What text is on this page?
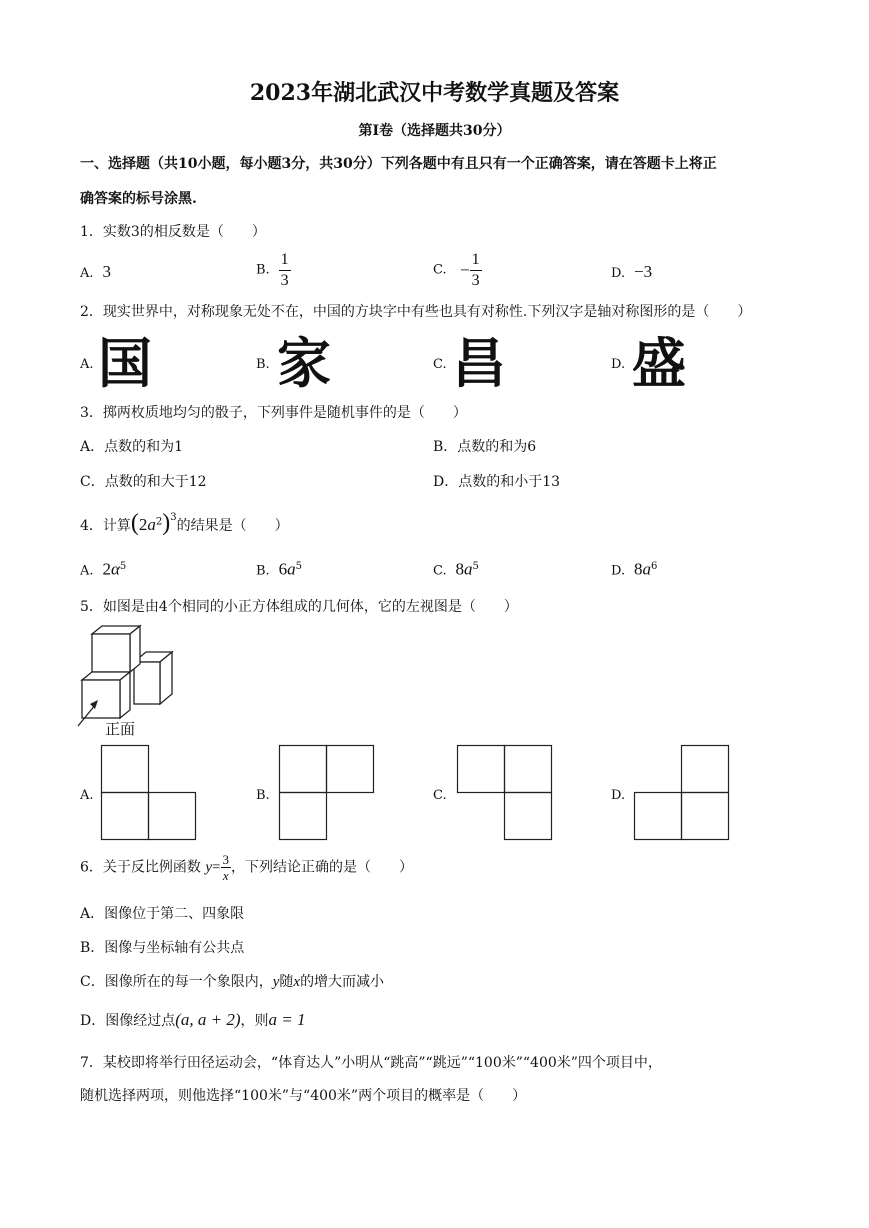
2023年湖北武汉中考数学真题及答案
第Ⅰ卷（选择题共30分）
一、选择题（共10小题，每小题3分，共30分）下列各题中有且只有一个正确答案，请在答题卡上将正
确答案的标号涂黑.
1．实数3的相反数是（　　）
A. 3	B. $\frac{1}{3}$	C. − $\frac{1}{3}$	D. −3
2．现实世界中，对称现象无处不在，中国的方块字中有些也具有对称性.下列汉字是轴对称图形的是（　　）
A. 国	B. 家	C. 昌	D. 盛
3．掷两枚质地均匀的骰子，下列事件是随机事件的是（　　）
A．点数的和为1	B．点数的和为6
C．点数的和大于12	D．点数的和小于13
4．计算$(2a^2)^3$的结果是（　　）
A. $2\alpha^5$	B. $6a^5$	C. $8a^5$	D. $8a^6$
5．如图是由4个相同的小正方体组成的几何体，它的左视图是（　　）
正面
A.	B.	C.	D.
6．关于反比例函数 $y= \frac{3}{x}$ ，下列结论正确的是（　　）
A．图像位于第二、四象限
B．图像与坐标轴有公共点
C．图像所在的每一个象限内，y随x的增大而减小
D．图像经过点(a, a + 2)，则a = 1
7．某校即将举行田径运动会，“体育达人”小明从“跳高”“跳远”“100米”“400米”四个项目中，
随机选择两项，则他选择“100米”与“400米”两个项目的概率是（　　）
